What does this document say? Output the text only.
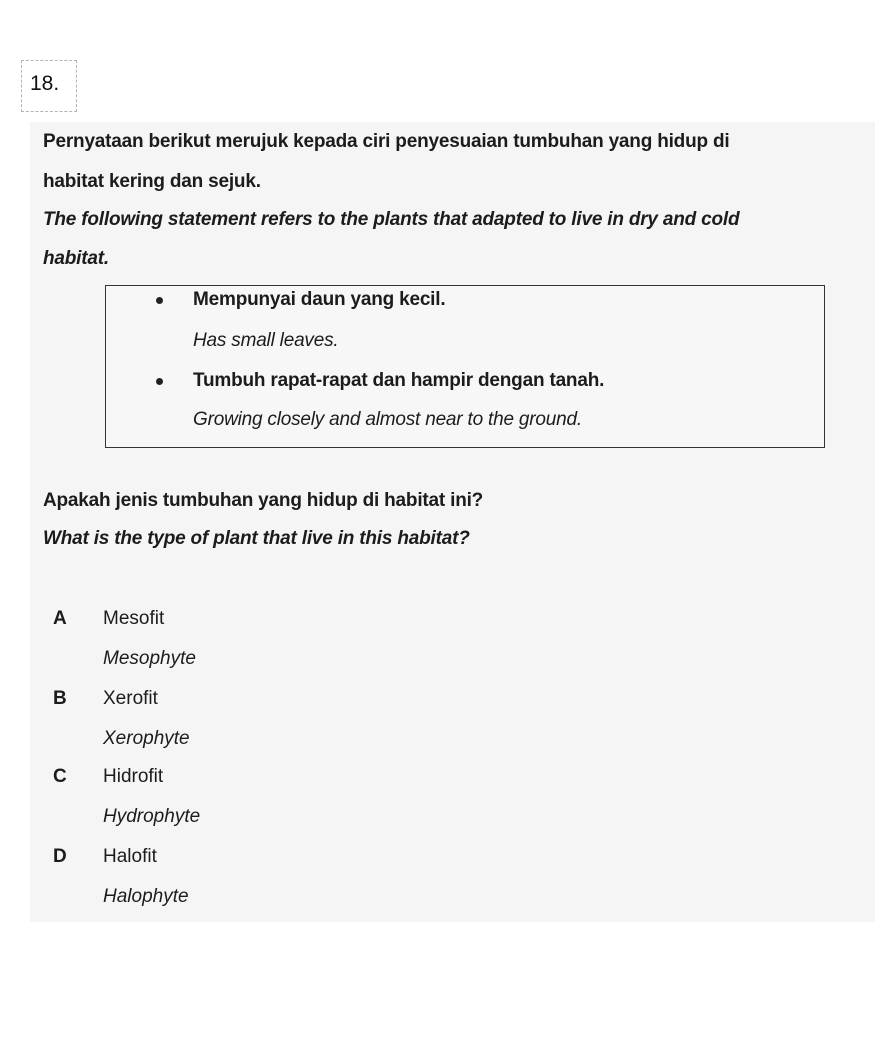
18.
Pernyataan berikut merujuk kepada ciri penyesuaian tumbuhan yang hidup di
habitat kering dan sejuk.
The following statement refers to the plants that adapted to live in dry and cold
habitat.
Mempunyai daun yang kecil.
Has small leaves.
Tumbuh rapat-rapat dan hampir dengan tanah.
Growing closely and almost near to the ground.
Apakah jenis tumbuhan yang hidup di habitat ini?
What is the type of plant that live in this habitat?
A Mesofit
Mesophyte
B Xerofit
Xerophyte
C Hidrofit
Hydrophyte
D Halofit
Halophyte
